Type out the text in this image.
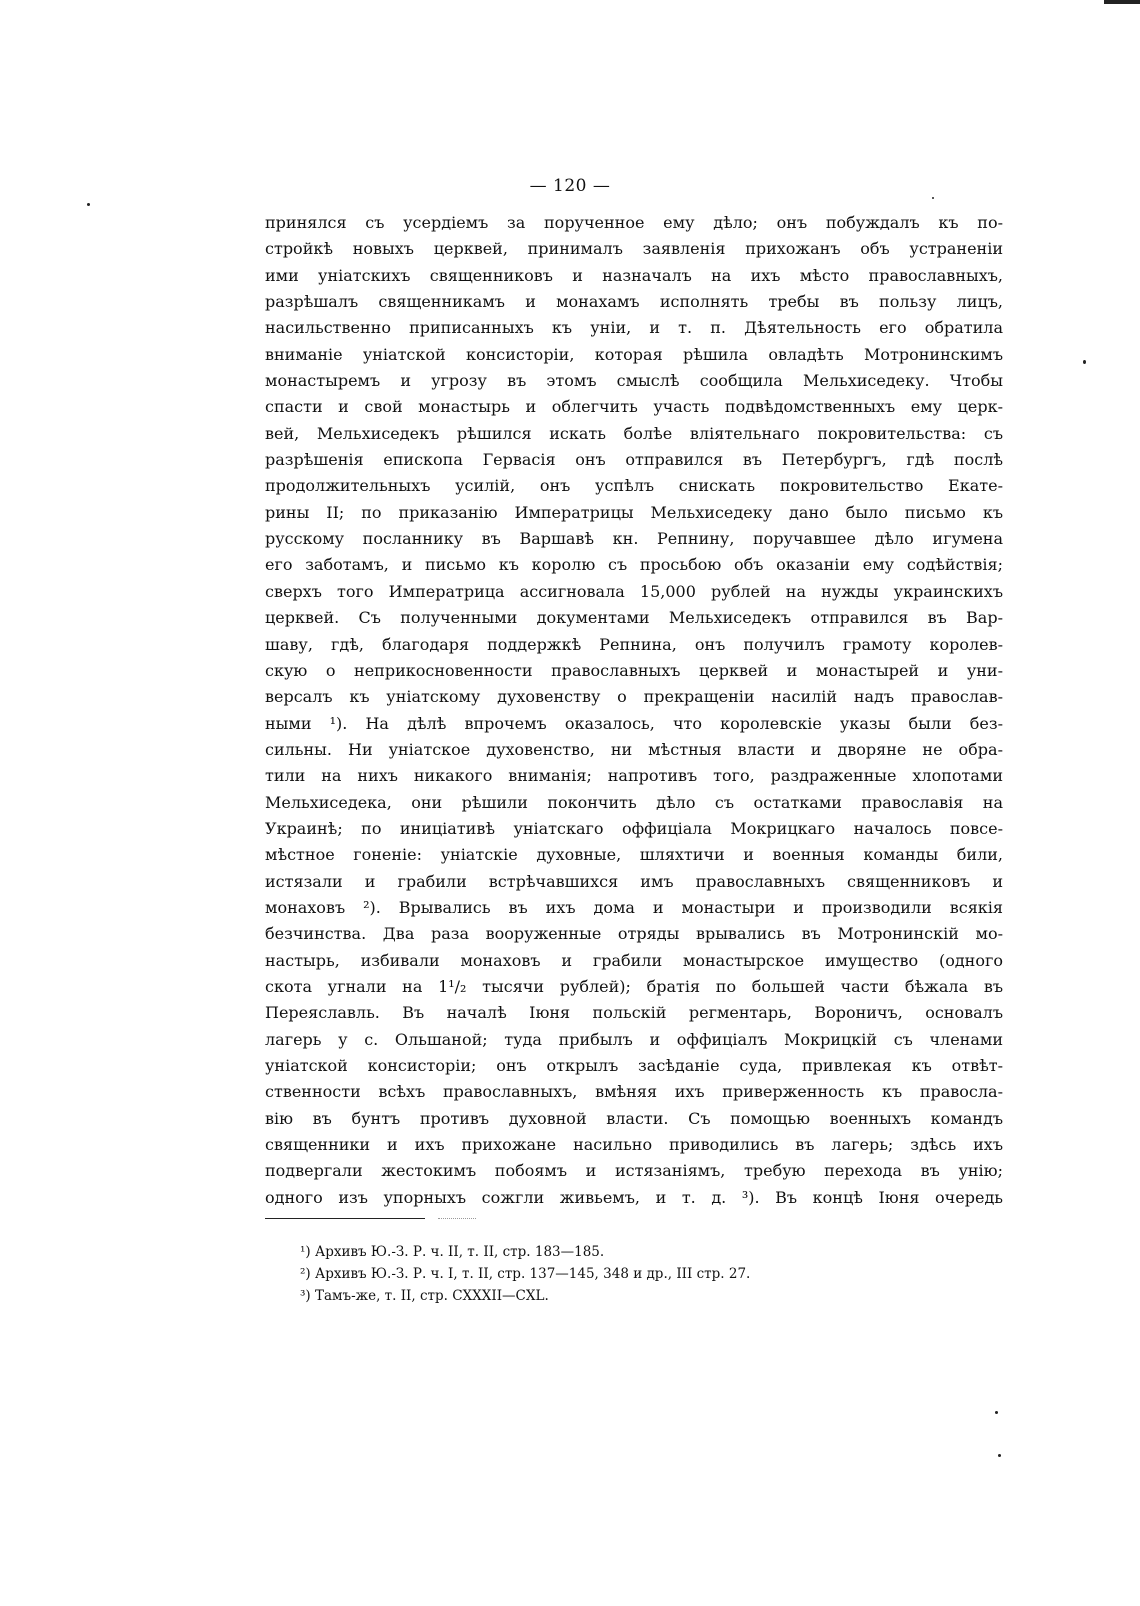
— 120 —
принялся съ усердіемъ за порученное ему дѣло; онъ побуждалъ къ по-
стройкѣ новыхъ церквей, принималъ заявленія прихожанъ объ устраненіи
ими уніатскихъ священниковъ и назначалъ на ихъ мѣсто православныхъ,
разрѣшалъ священникамъ и монахамъ исполнять требы въ пользу лицъ,
насильственно приписанныхъ къ уніи, и т. п. Дѣятельность его обратила
вниманіе уніатской консисторіи, которая рѣшила овладѣть Мотронинскимъ
монастыремъ и угрозу въ этомъ смыслѣ сообщила Мельхиседеку. Чтобы
спасти и свой монастырь и облегчить участь подвѣдомственныхъ ему церк-
вей, Мельхиседекъ рѣшился искать болѣе вліятельнаго покровительства: съ
разрѣшенія епископа Гервасія онъ отправился въ Петербургъ, гдѣ послѣ
продолжительныхъ усилій, онъ успѣлъ снискать покровительство Екате-
рины II; по приказанію Императрицы Мельхиседеку дано было письмо къ
русскому посланнику въ Варшавѣ кн. Репнину, поручавшее дѣло игумена
его заботамъ, и письмо къ королю съ просьбою объ оказаніи ему содѣйствія;
сверхъ того Императрица ассигновала 15,000 рублей на нужды украинскихъ
церквей. Съ полученными документами Мельхиседекъ отправился въ Вар-
шаву, гдѣ, благодаря поддержкѣ Репнина, онъ получилъ грамоту королев-
скую о неприкосновенности православныхъ церквей и монастырей и уни-
версалъ къ уніатскому духовенству о прекращеніи насилій надъ православ-
ными ¹). На дѣлѣ впрочемъ оказалось, что королевскіе указы были без-
сильны. Ни уніатское духовенство, ни мѣстныя власти и дворяне не обра-
тили на нихъ никакого вниманія; напротивъ того, раздраженные хлопотами
Мельхиседека, они рѣшили покончить дѣло съ остатками православія на
Украинѣ; по иниціативѣ уніатскаго оффиціала Мокрицкаго началось повсе-
мѣстное гоненіе: уніатскіе духовные, шляхтичи и военныя команды били,
истязали и грабили встрѣчавшихся имъ православныхъ священниковъ и
монаховъ ²). Врывались въ ихъ дома и монастыри и производили всякія
безчинства. Два раза вооруженные отряды врывались въ Мотронинскій мо-
настырь, избивали монаховъ и грабили монастырское имущество (одного
скота угнали на 1¹/₂ тысячи рублей); братія по большей части бѣжала въ
Переяславль. Въ началѣ Іюня польскій регментарь, Вороничъ, основалъ
лагерь у с. Ольшаной; туда прибылъ и оффиціалъ Мокрицкій съ членами
уніатской консисторіи; онъ открылъ засѣданіе суда, привлекая къ отвѣт-
ственности всѣхъ православныхъ, вмѣняя ихъ приверженность къ правосла-
вію въ бунтъ противъ духовной власти. Съ помощью военныхъ командъ
священники и ихъ прихожане насильно приводились въ лагерь; здѣсь ихъ
подвергали жестокимъ побоямъ и истязаніямъ, требую перехода въ унію;
одного изъ упорныхъ сожгли живьемъ, и т. д. ³). Въ концѣ Іюня очередь
¹) Архивъ Ю.-З. Р. ч. II, т. II, стр. 183—185.
²) Архивъ Ю.-З. Р. ч. I, т. II, стр. 137—145, 348 и др., III стр. 27.
³) Тамъ-же, т. II, стр. CXXXII—CXL.
